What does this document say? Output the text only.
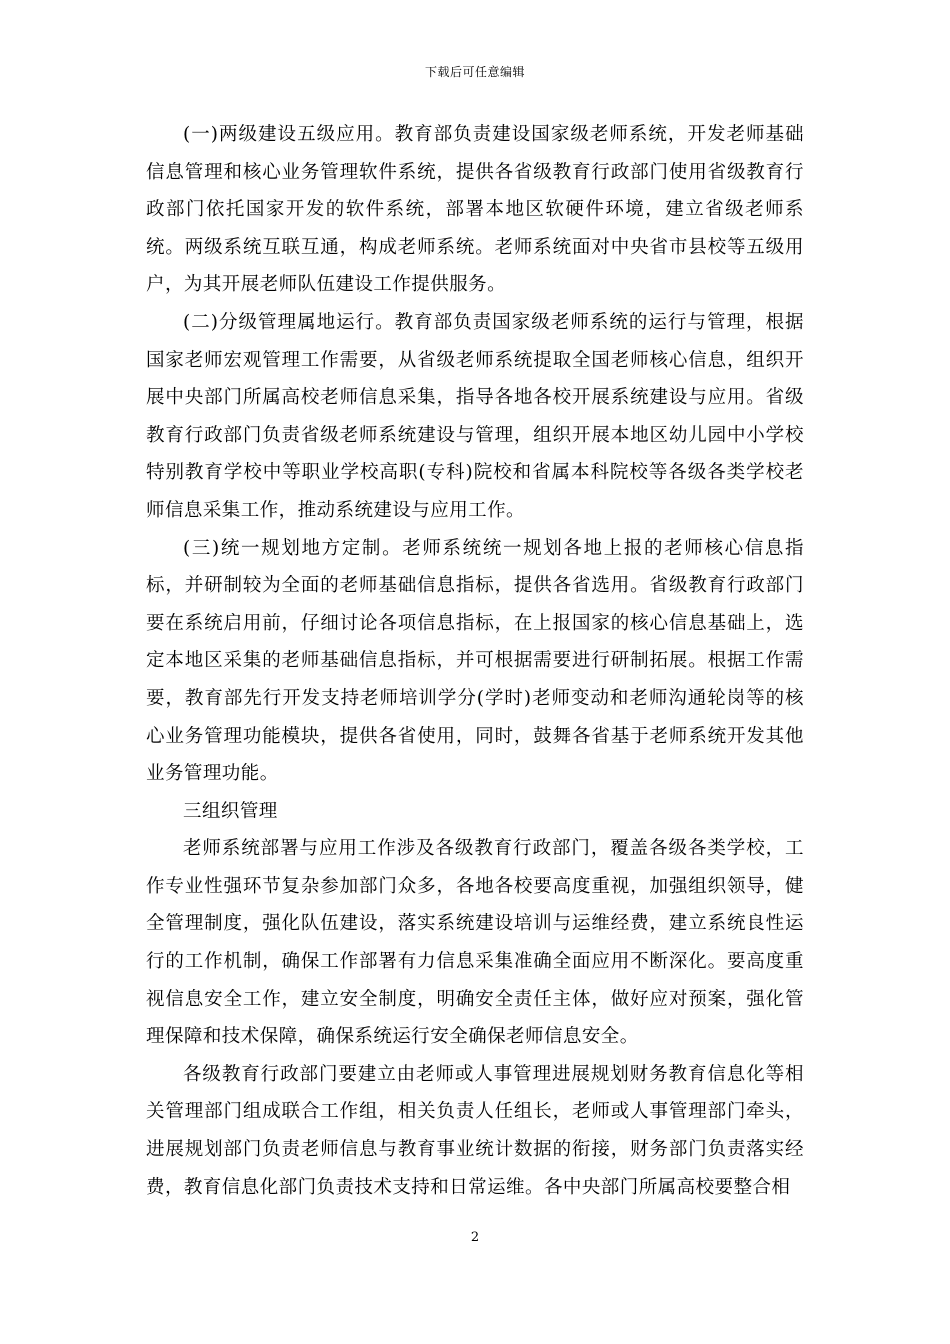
下载后可任意编辑

(一)两级建设五级应用。教育部负责建设国家级老师系统，开发老师基础信息管理和核心业务管理软件系统，提供各省级教育行政部门使用省级教育行政部门依托国家开发的软件系统，部署本地区软硬件环境，建立省级老师系统。两级系统互联互通，构成老师系统。老师系统面对中央省市县校等五级用户，为其开展老师队伍建设工作提供服务。

(二)分级管理属地运行。教育部负责国家级老师系统的运行与管理，根据国家老师宏观管理工作需要，从省级老师系统提取全国老师核心信息，组织开展中央部门所属高校老师信息采集，指导各地各校开展系统建设与应用。省级教育行政部门负责省级老师系统建设与管理，组织开展本地区幼儿园中小学校特别教育学校中等职业学校高职(专科)院校和省属本科院校等各级各类学校老师信息采集工作，推动系统建设与应用工作。

(三)统一规划地方定制。老师系统统一规划各地上报的老师核心信息指标，并研制较为全面的老师基础信息指标，提供各省选用。省级教育行政部门要在系统启用前，仔细讨论各项信息指标，在上报国家的核心信息基础上，选定本地区采集的老师基础信息指标，并可根据需要进行研制拓展。根据工作需要，教育部先行开发支持老师培训学分(学时)老师变动和老师沟通轮岗等的核心业务管理功能模块，提供各省使用，同时，鼓舞各省基于老师系统开发其他业务管理功能。

三组织管理

老师系统部署与应用工作涉及各级教育行政部门，覆盖各级各类学校，工作专业性强环节复杂参加部门众多，各地各校要高度重视，加强组织领导，健全管理制度，强化队伍建设，落实系统建设培训与运维经费，建立系统良性运行的工作机制，确保工作部署有力信息采集准确全面应用不断深化。要高度重视信息安全工作，建立安全制度，明确安全责任主体，做好应对预案，强化管理保障和技术保障，确保系统运行安全确保老师信息安全。

各级教育行政部门要建立由老师或人事管理进展规划财务教育信息化等相关管理部门组成联合工作组，相关负责人任组长，老师或人事管理部门牵头，进展规划部门负责老师信息与教育事业统计数据的衔接，财务部门负责落实经费，教育信息化部门负责技术支持和日常运维。各中央部门所属高校要整合相

2
